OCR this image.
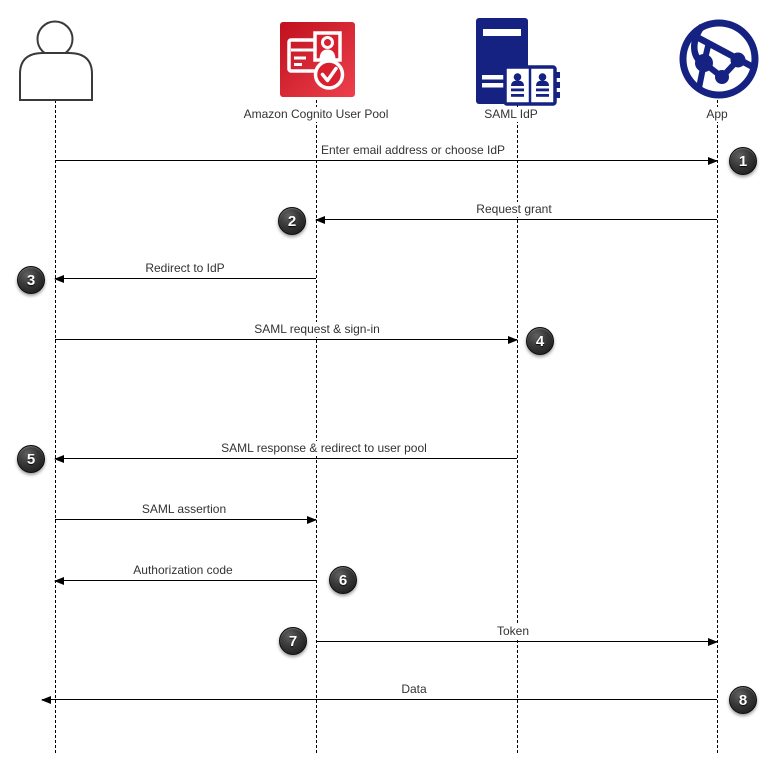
Amazon Cognito User Pool	SAML IdP	App
Enter email address or choose IdP
1
Request grant
2
Redirect to IdP
3
SAML request & sign-in
4
SAML response & redirect to user pool
5
SAML assertion
Authorization code
6
Token
7
Data
8
